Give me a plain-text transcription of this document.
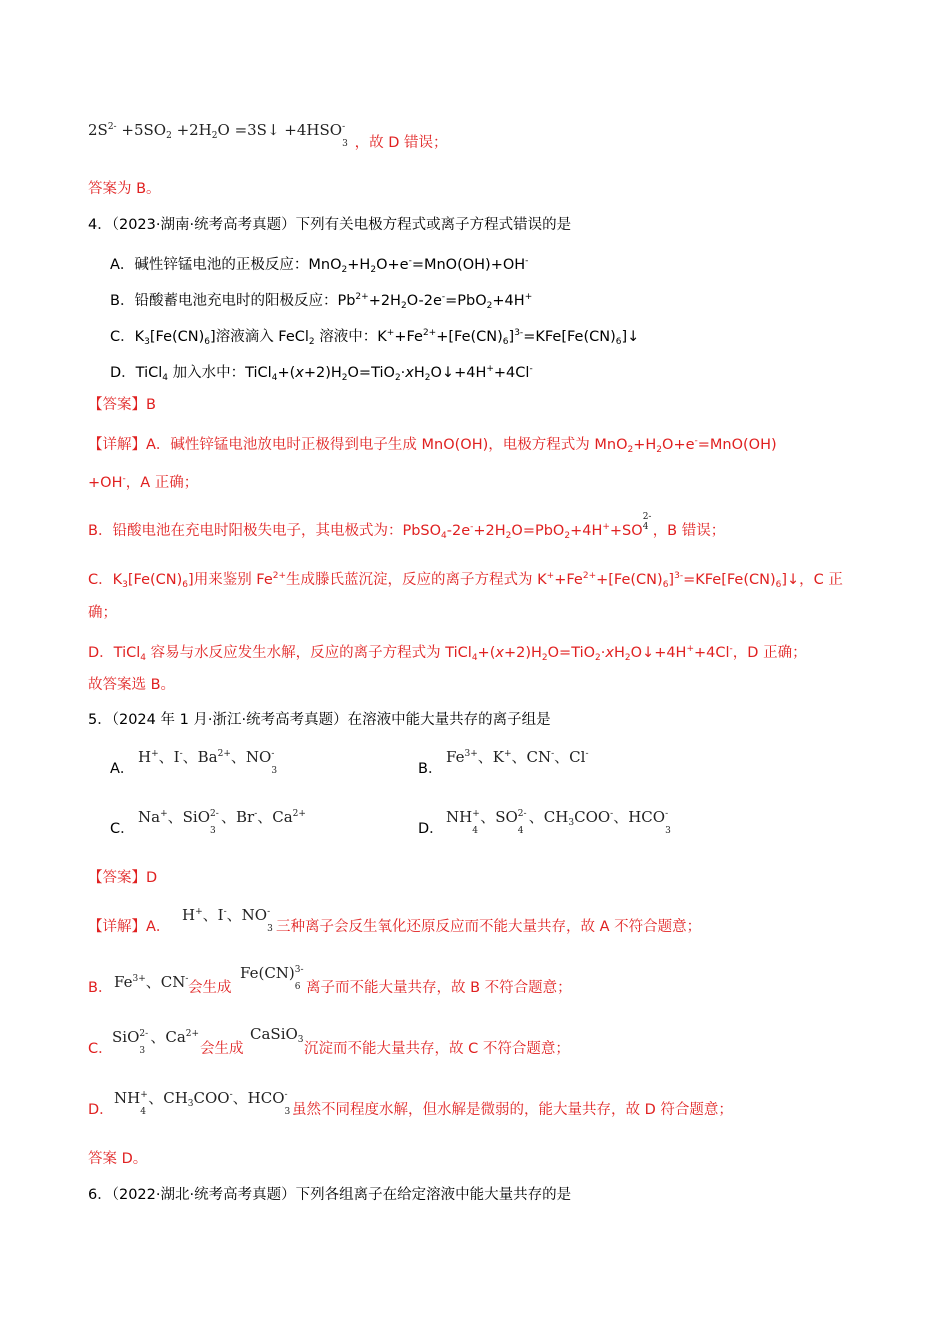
$2S^{2-} +5SO_2 +2H_2O$ =3S↓ +4HSO -
3 ，故 D 错误；
答案为 B。
4．（2023·湖南·统考高考真题）下列有关电极方程式或离子方程式错误的是
A．碱性锌锰电池的正极反应：$MnO_2+H_2O+e^-=MnO(OH)+OH^-$
B．铅酸蓄电池充电时的阳极反应：$Pb^{2+}+2H_2O-2e^-=PbO_2+4H^+$
C．$K_3[Fe(CN)_6]$溶液滴入 FeCl$_2$ 溶液中：$K^++Fe^{2+}+[Fe(CN)_6]^{3-}=KFe[Fe(CN)_6]↓$
D．TiCl$_4$ 加入水中：$TiCl_4+(x+2)H_2O=TiO_2\cdot xH_2O↓+4H^++4Cl^-$
【答案】B
【详解】A．碱性锌锰电池放电时正极得到电子生成 MnO(OH)，电极方程式为 $MnO_2+H_2O+e^-=MnO(OH)$
+OH-，A 正确；
B．铅酸电池在充电时阳极失电子，其电极式为：$PbSO_4-2e^-+2H_2O=PbO_2+4H^++SO$
2-
4 ，B 错误；
C．$K_3[Fe(CN)_6]$用来鉴别 $Fe^{2+}$生成滕氏蓝沉淀，反应的离子方程式为 $K^++Fe^{2+}+[Fe(CN)_6]^{3-}=KFe[Fe(CN)_6]↓$，C 正
确；
D．TiCl$_4$ 容易与水反应发生水解，反应的离子方程式为 $TiCl_4+(x+2)H_2O=TiO_2\cdot xH_2O↓+4H^++4Cl^-$，D 正确；
故答案选 B。
5．（2024 年 1 月·浙江·统考高考真题）在溶液中能大量共存的离子组是
A．
H+、I-、$Ba^{2+}$、NO -
3	B．
$Fe^{3+}$、K+、CN-、Cl-
C．
Na+、SiO 2-
3
、Br-、$Ca^{2+}$
D．
NH +
4
、SO 2-
4
、$CH_3COO^-$、HCO -
3
【答案】D
【详解】A．
H+、I-、NO -
3 三种离子会反生氧化还原反应而不能大量共存，故 A 不符合题意；
B． $Fe^{3+}$、CN-
会生成
Fe(CN) 3-
6 离子而不能大量共存，故 B 不符合题意；
C．
SiO 2-
3
、$Ca^{2+}$
会生成
CaSiO$_3$
沉淀而不能大量共存，故 C 不符合题意；
D．
NH +
4
、$CH_3COO^-$、HCO -
3 虽然不同程度水解，但水解是微弱的，能大量共存，故 D 符合题意；
答案 D。
6．（2022·湖北·统考高考真题）下列各组离子在给定溶液中能大量共存的是
